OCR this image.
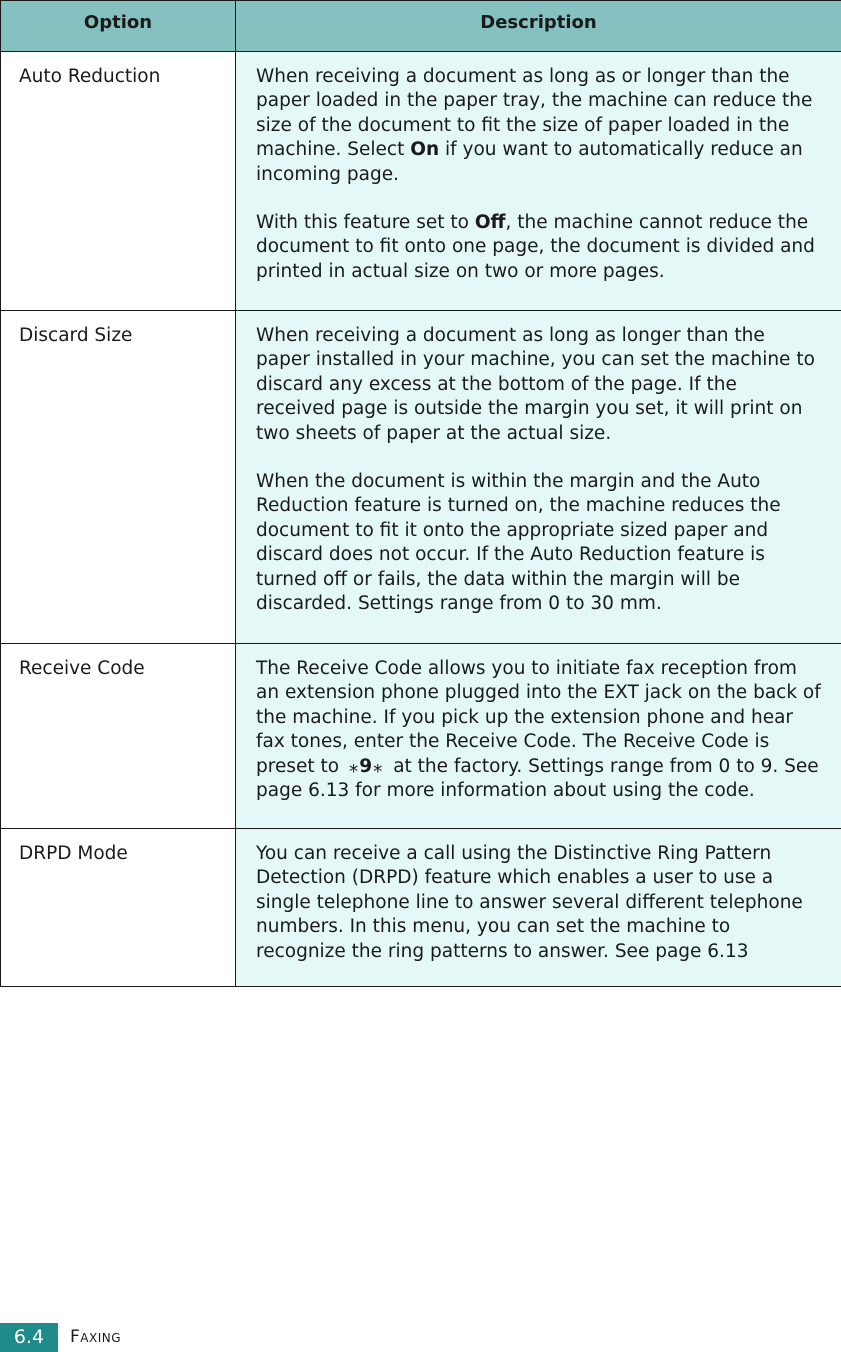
Option	Description
Auto Reduction	When receiving a document as long as or longer than the paper loaded in the paper tray, the machine can reduce the size of the document to fit the size of paper loaded in the machine. Select On if you want to automatically reduce an incoming page.

With this feature set to Off, the machine cannot reduce the document to fit onto one page, the document is divided and printed in actual size on two or more pages.

Discard Size	When receiving a document as long as longer than the paper installed in your machine, you can set the machine to discard any excess at the bottom of the page. If the received page is outside the margin you set, it will print on two sheets of paper at the actual size.

When the document is within the margin and the Auto Reduction feature is turned on, the machine reduces the document to fit it onto the appropriate sized paper and discard does not occur. If the Auto Reduction feature is turned off or fails, the data within the margin will be discarded. Settings range from 0 to 30 mm.

Receive Code	The Receive Code allows you to initiate fax reception from an extension phone plugged into the EXT jack on the back of the machine. If you pick up the extension phone and hear fax tones, enter the Receive Code. The Receive Code is preset to ⁎9⁎ at the factory. Settings range from 0 to 9. See page 6.13 for more information about using the code.

DRPD Mode	You can receive a call using the Distinctive Ring Pattern Detection (DRPD) feature which enables a user to use a single telephone line to answer several different telephone numbers. In this menu, you can set the machine to recognize the ring patterns to answer. See page 6.13

6.4	Faxing
